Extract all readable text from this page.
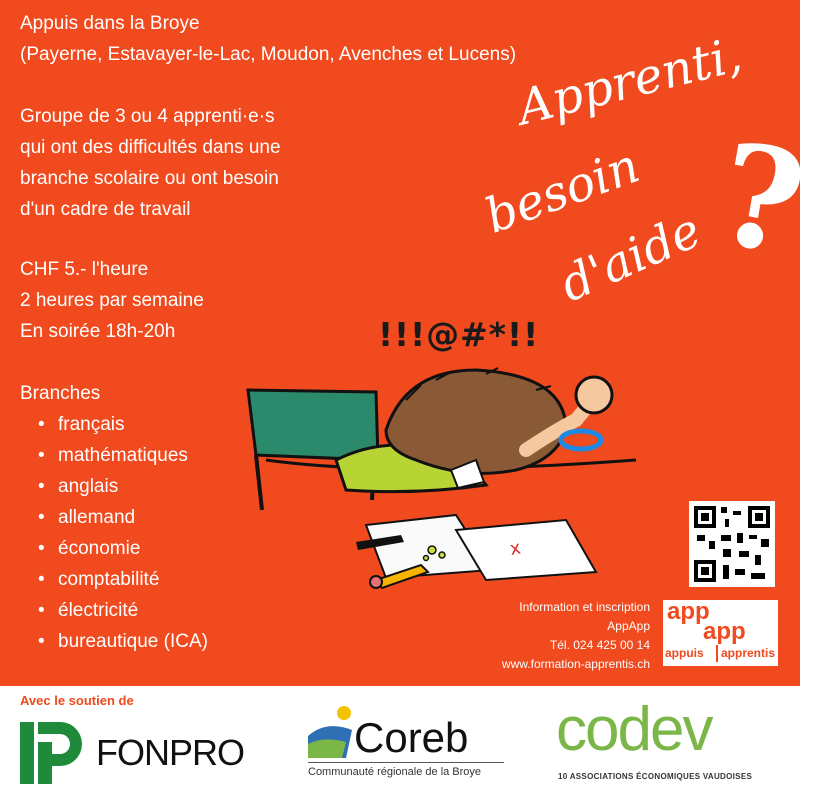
Appuis dans la Broye
(Payerne, Estavayer-le-Lac, Moudon, Avenches et Lucens)
Groupe de 3 ou 4 apprenti·e·s
qui ont des difficultés dans une
branche scolaire ou ont besoin
d'un cadre de travail
CHF 5.- l'heure
2 heures par semaine
En soirée 18h-20h
Branches
• français
• mathématiques
• anglais
• allemand
• économie
• comptabilité
• électricité
• bureautique (ICA)
Apprenti,
besoin
d'aide
?
!!!@#*!!
x
Information et inscription
AppApp
Tél. 024 425 00 14
www.formation-apprentis.ch
app
app
appuis apprentis
Avec le soutien de
FONPRO	Coreb
Communauté régionale de la Broye
codev
10 ASSOCIATIONS ÉCONOMIQUES VAUDOISES
